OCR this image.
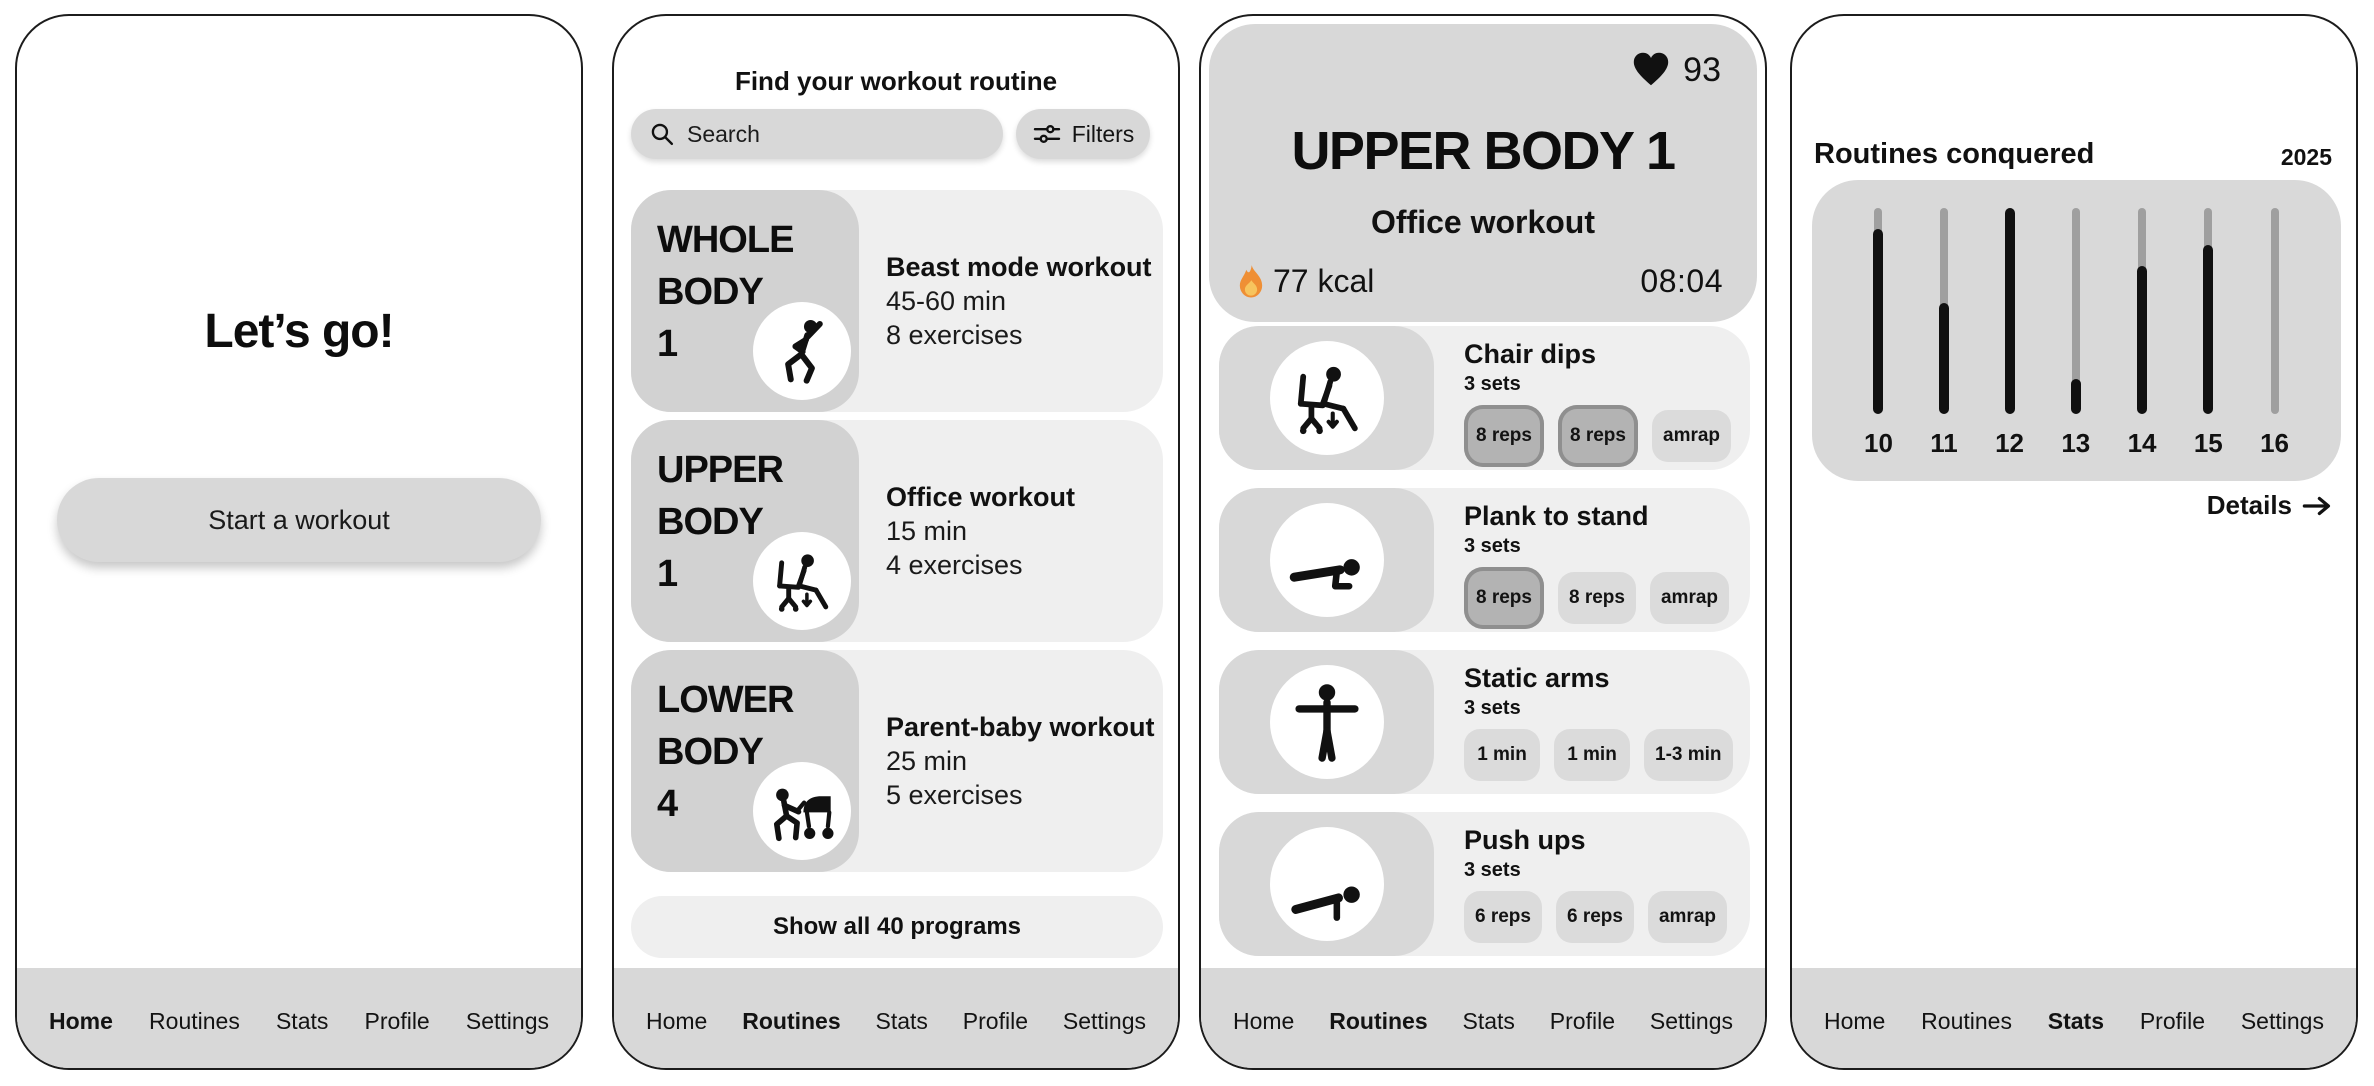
Let’s go!
Start a workout
Home Routines Stats Profile Settings
Find your workout routine
Search	Filters
WHOLE
BODY
1
Beast mode workout
45-60 min
8 exercises
UPPER
BODY
1
Office workout
15 min
4 exercises
LOWER
BODY
4
Parent-baby workout
25 min
5 exercises
Show all 40 programs
Home Routines Stats Profile Settings
93
UPPER BODY 1
Office workout
77 kcal	08:04
Chair dips
3 sets
8 reps	8 reps	amrap
Plank to stand
3 sets
8 reps	8 reps	amrap
Static arms
3 sets
1 min	1 min	1-3 min
Push ups
3 sets
6 reps	6 reps	amrap
Home Routines Stats Profile Settings
Routines conquered	2025
10 11 12 13 14 15 16
Details
Home Routines Stats Profile Settings
